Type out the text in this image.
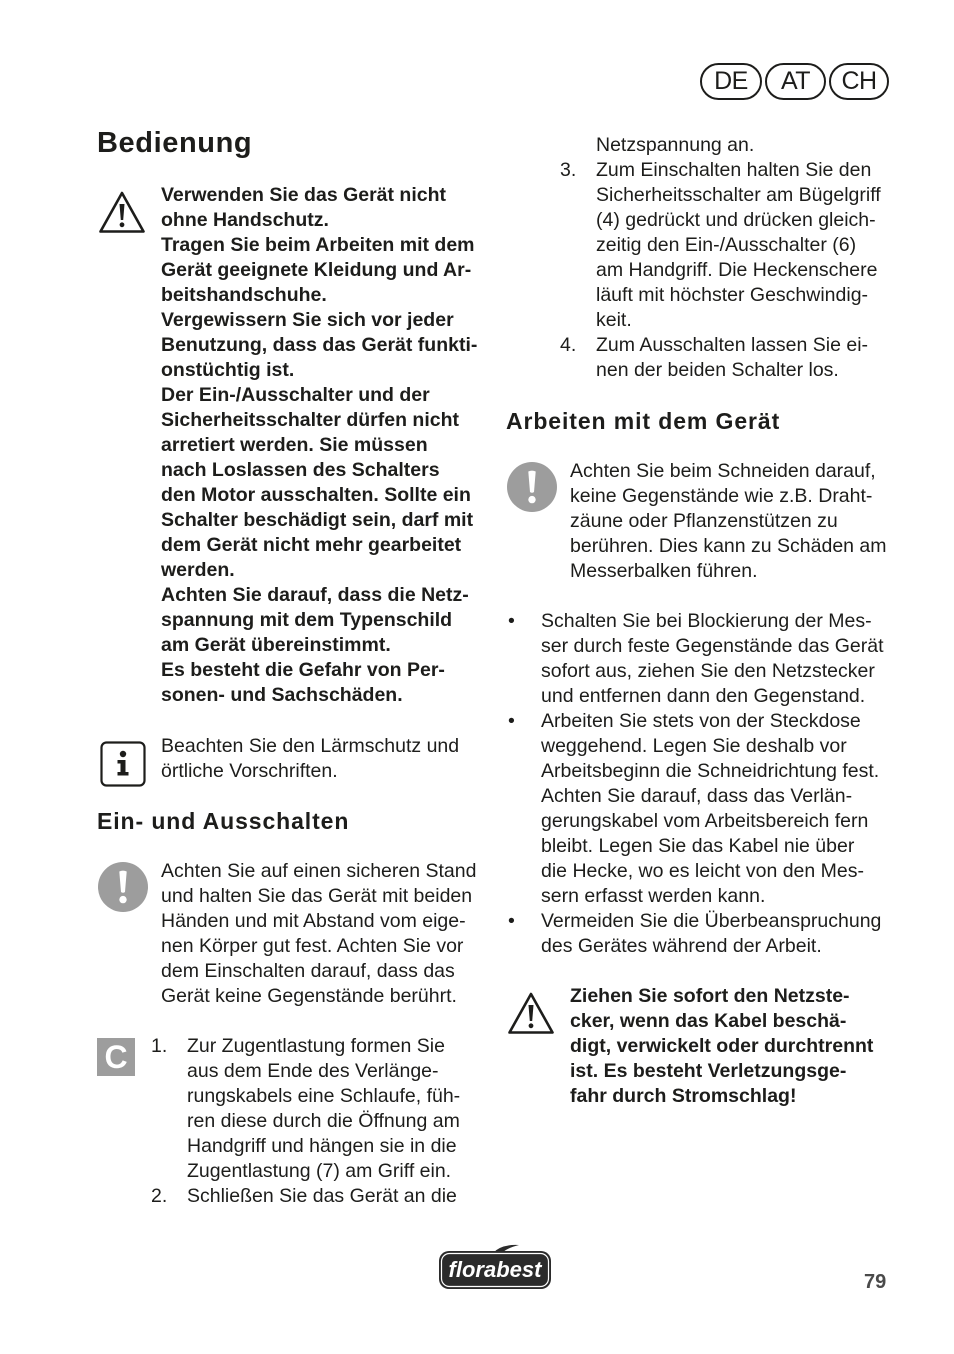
DE	AT	CH
Bedienung
Verwenden Sie das Gerät nicht
ohne Handschutz.
Tragen Sie beim Arbeiten mit dem
Gerät geeignete Kleidung und Ar-
beitshandschuhe.
Vergewissern Sie sich vor jeder
Benutzung, dass das Gerät funkti-
onstüchtig ist.
Der Ein-/Ausschalter und der
Sicherheitsschalter dürfen nicht
arretiert werden. Sie müssen
nach Loslassen des Schalters
den Motor ausschalten. Sollte ein
Schalter beschädigt sein, darf mit
dem Gerät nicht mehr gearbeitet
werden.
Achten Sie darauf, dass die Netz-
spannung mit dem Typenschild
am Gerät übereinstimmt.
Es besteht die Gefahr von Per-
sonen- und Sachschäden.
Beachten Sie den Lärmschutz und
örtliche Vorschriften.
Ein- und Ausschalten
Achten Sie auf einen sicheren Stand
und halten Sie das Gerät mit beiden
Händen und mit Abstand vom eige-
nen Körper gut fest. Achten Sie vor
dem Einschalten darauf, dass das
Gerät keine Gegenstände berührt.
C	1. Zur Zugentlastung formen Sie
aus dem Ende des Verlänge-
rungskabels eine Schlaufe, füh-
ren diese durch die Öffnung am
Handgriff und hängen sie in die
Zugentlastung (7) am Griff ein.
2. Schließen Sie das Gerät an die
Netzspannung an.
3. Zum Einschalten halten Sie den
Sicherheitsschalter am Bügelgriff
(4) gedrückt und drücken gleich-
zeitig den Ein-/Ausschalter (6)
am Handgriff. Die Heckenschere
läuft mit höchster Geschwindig-
keit.
4. Zum Ausschalten lassen Sie ei-
nen der beiden Schalter los.
Arbeiten mit dem Gerät
Achten Sie beim Schneiden darauf,
keine Gegenstände wie z.B. Draht-
zäune oder Pflanzenstützen zu
berühren. Dies kann zu Schäden am
Messerbalken führen.
• Schalten Sie bei Blockierung der Mes-
ser durch feste Gegenstände das Gerät
sofort aus, ziehen Sie den Netzstecker
und entfernen dann den Gegenstand.
• Arbeiten Sie stets von der Steckdose
weggehend. Legen Sie deshalb vor
Arbeitsbeginn die Schneidrichtung fest.
Achten Sie darauf, dass das Verlän-
gerungskabel vom Arbeitsbereich fern
bleibt. Legen Sie das Kabel nie über
die Hecke, wo es leicht von den Mes-
sern erfasst werden kann.
• Vermeiden Sie die Überbeanspruchung
des Gerätes während der Arbeit.
Ziehen Sie sofort den Netzste-
cker, wenn das Kabel beschä-
digt, verwickelt oder durchtrennt
ist. Es besteht Verletzungsge-
fahr durch Stromschlag!
florabest	79
